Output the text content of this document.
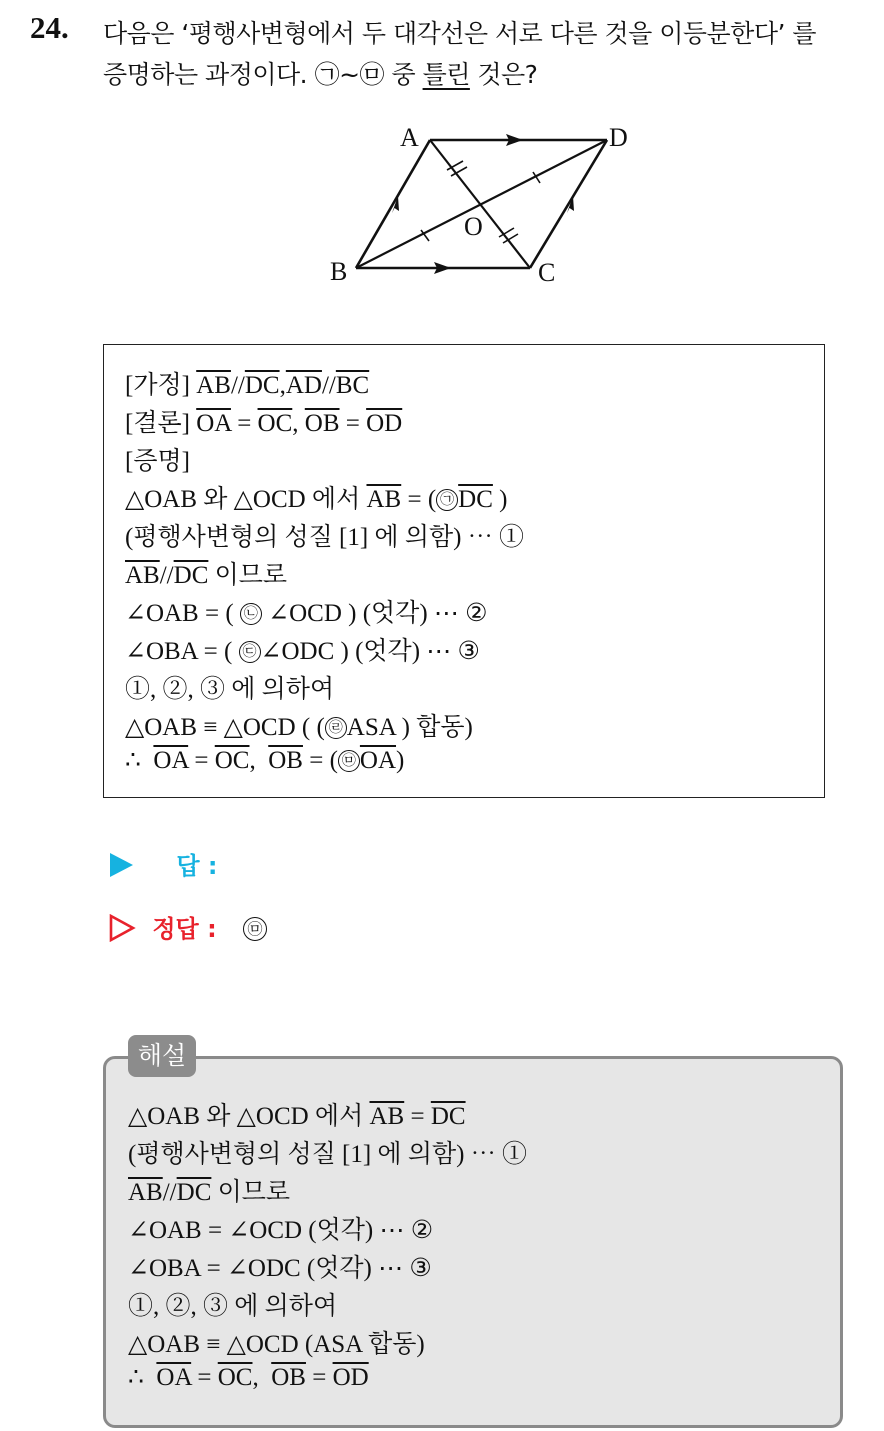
24. 다음은 ‘평행사변형에서 두 대각선은 서로 다른 것을 이등분한다’ 를
증명하는 과정이다. ㉠~㉤ 중 틀린 것은?
A	D
B	C
O
[가정] $\overline{AB}//\overline{DC},\overline{AD}//\overline{BC}$
[결론] $\overline{OA} = \overline{OC}$, $\overline{OB} = \overline{OD}$
[증명]
△OAB 와 △OCD 에서 $\overline{AB}$ = ( ㉠ $\overline{DC}$ )
(평행사변형의 성질 [1] 에 의함) ⋯ ①
$\overline{AB}//\overline{DC}$ 이므로
∠OAB = ( ㉡ ∠OCD ) (엇각) ⋯ ②
∠OBA = ( ㉢ ∠ODC ) (엇각) ⋯ ③
①, ②, ③ 에 의하여
△OAB ≡ △OCD ( ( ㉣ ASA ) 합동)
∴ $\overline{OA} = \overline{OC}$, $\overline{OB}$ = ( ㉤ $\overline{OA}$)
답 :
정답 : ㉤
해설
△OAB 와 △OCD 에서 $\overline{AB} = \overline{DC}$
(평행사변형의 성질 [1] 에 의함) ⋯ ①
$\overline{AB}//\overline{DC}$ 이므로
∠OAB = ∠OCD (엇각) ⋯ ②
∠OBA = ∠ODC (엇각) ⋯ ③
①, ②, ③ 에 의하여
△OAB ≡ △OCD (ASA 합동)
∴ $\overline{OA} = \overline{OC}$, $\overline{OB} = \overline{OD}$
